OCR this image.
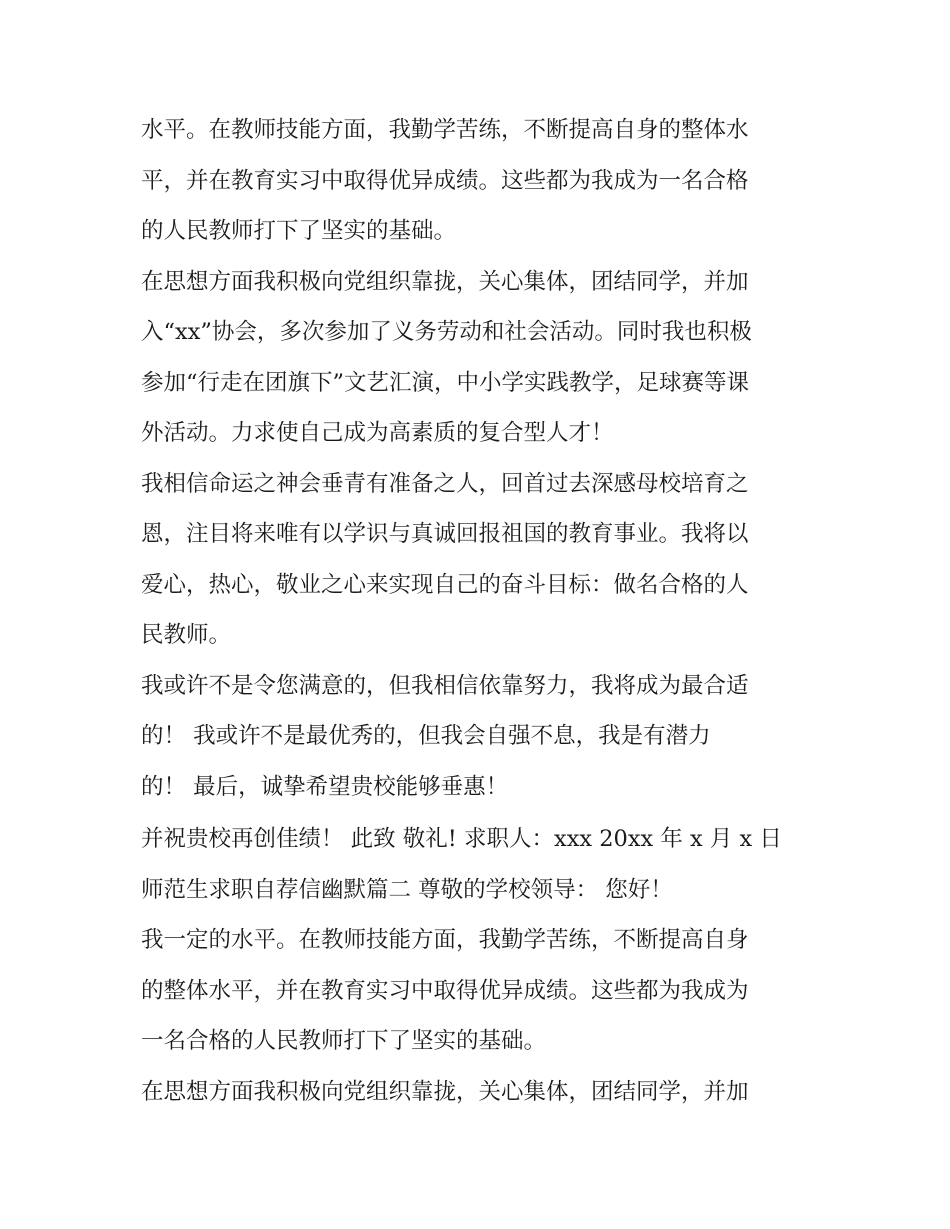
水平。在教师技能方面，我勤学苦练，不断提高自身的整体水

平，并在教育实习中取得优异成绩。这些都为我成为一名合格

的人民教师打下了坚实的基础。

在思想方面我积极向党组织靠拢，关心集体，团结同学，并加

入“xx”协会，多次参加了义务劳动和社会活动。同时我也积极

参加“行走在团旗下”文艺汇演，中小学实践教学，足球赛等课

外活动。力求使自己成为高素质的复合型人才！

我相信命运之神会垂青有准备之人，回首过去深感母校培育之

恩，注目将来唯有以学识与真诚回报祖国的教育事业。我将以

爱心，热心，敬业之心来实现自己的奋斗目标：做名合格的人

民教师。

我或许不是令您满意的，但我相信依靠努力，我将成为最合适

的！ 我或许不是最优秀的，但我会自强不息，我是有潜力

的！ 最后，诚挚希望贵校能够垂惠！

并祝贵校再创佳绩！ 此致 敬礼! 求职人：xxx 20xx 年 x 月 x 日

师范生求职自荐信幽默篇二 尊敬的学校领导： 您好！

我一定的水平。在教师技能方面，我勤学苦练，不断提高自身

的整体水平，并在教育实习中取得优异成绩。这些都为我成为

一名合格的人民教师打下了坚实的基础。

在思想方面我积极向党组织靠拢，关心集体，团结同学，并加
